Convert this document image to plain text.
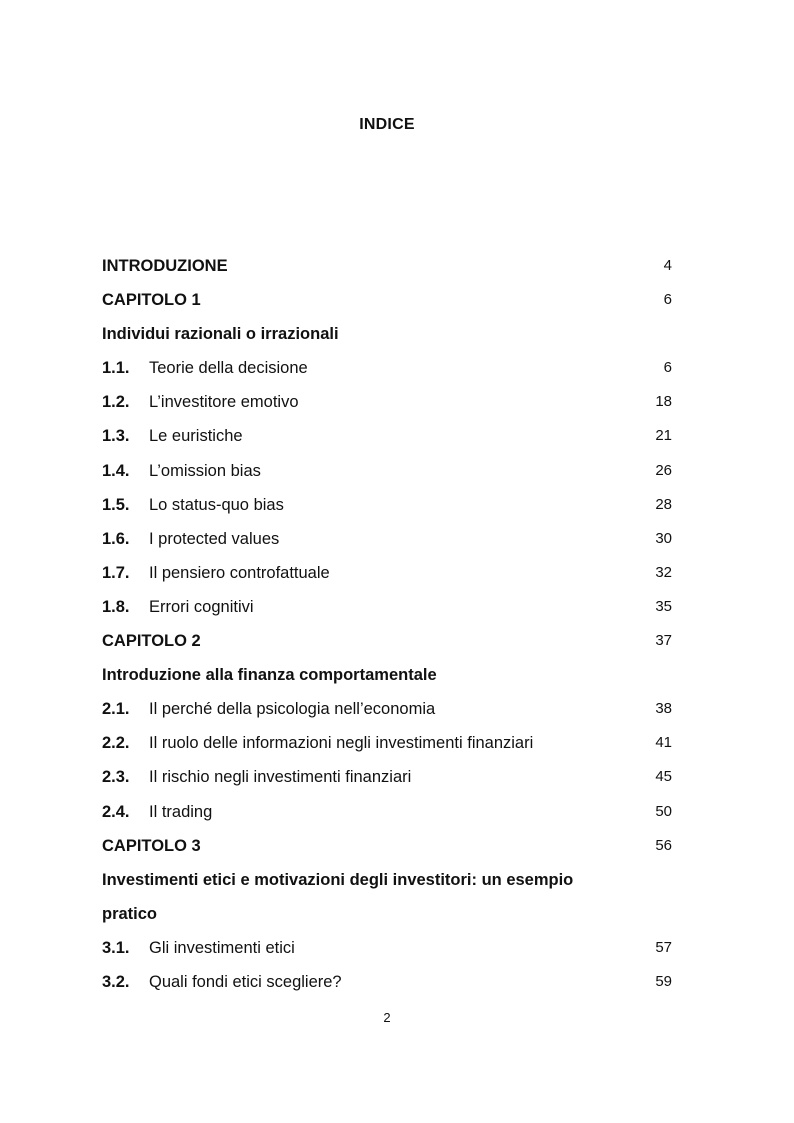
INDICE
INTRODUZIONE	4
CAPITOLO 1	6
Individui razionali o irrazionali
1.1. Teorie della decisione	6
1.2. L’investitore emotivo	18
1.3. Le euristiche	21
1.4. L’omission bias	26
1.5. Lo status-quo bias	28
1.6. I protected values	30
1.7. Il pensiero controfattuale	32
1.8. Errori cognitivi	35
CAPITOLO 2	37
Introduzione alla finanza comportamentale
2.1. Il perché della psicologia nell’economia	38
2.2. Il ruolo delle informazioni negli investimenti finanziari	41
2.3. Il rischio negli investimenti finanziari	45
2.4. Il trading	50
CAPITOLO 3	56
Investimenti etici e motivazioni degli investitori: un esempio
pratico
3.1. Gli investimenti etici	57
3.2. Quali fondi etici scegliere?	59
2
